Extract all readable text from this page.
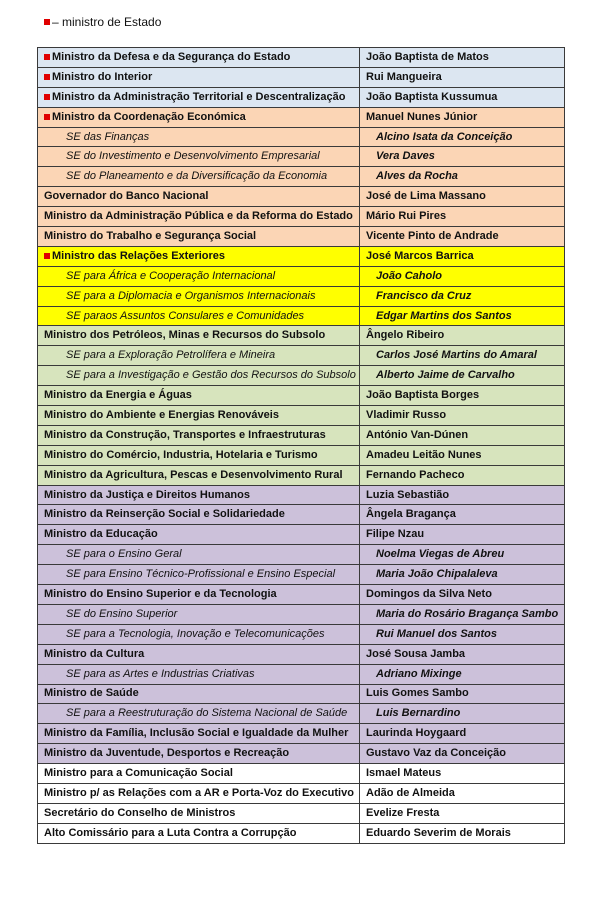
– ministro de Estado
Ministro da Defesa e da Segurança do Estado	João Baptista de Matos
Ministro do Interior	Rui Mangueira
Ministro da Administração Territorial e Descentralização	João Baptista Kussumua
Ministro da Coordenação Económica	Manuel Nunes Júnior
SE das Finanças	Alcino Isata da Conceição
SE do Investimento e Desenvolvimento Empresarial	Vera Daves
SE do Planeamento e da Diversificação da Economia	Alves da Rocha
Governador do Banco Nacional	José de Lima Massano
Ministro da Administração Pública e da Reforma do Estado	Mário Rui Pires
Ministro do Trabalho e Segurança Social	Vicente Pinto de Andrade
Ministro das Relações Exteriores	José Marcos Barrica
SE para África e Cooperação Internacional	João Caholo
SE para a Diplomacia e Organismos Internacionais	Francisco da Cruz
SE paraos Assuntos Consulares e Comunidades	Edgar Martins dos Santos
Ministro dos Petróleos, Minas e Recursos do Subsolo	Ângelo Ribeiro
SE para a Exploração Petrolífera e Mineira	Carlos José Martins do Amaral
SE para a Investigação e Gestão dos Recursos do Subsolo	Alberto Jaime de Carvalho
Ministro da Energia e Águas	João Baptista Borges
Ministro do Ambiente e Energias Renováveis	Vladimir Russo
Ministro da Construção, Transportes e Infraestruturas	António Van-Dúnen
Ministro do Comércio, Industria, Hotelaria e Turismo	Amadeu Leitão Nunes
Ministro da Agricultura, Pescas e Desenvolvimento Rural	Fernando Pacheco
Ministro da Justiça e Direitos Humanos	Luzia Sebastião
Ministro da Reinserção Social e Solidariedade	Ângela Bragança
Ministro da Educação	Filipe Nzau
SE para o Ensino Geral	Noelma Viegas de Abreu
SE para Ensino Técnico-Profissional e Ensino Especial	Maria João Chipalaleva
Ministro do Ensino Superior e da Tecnologia	Domingos da Silva Neto
SE do Ensino Superior	Maria do Rosário Bragança Sambo
SE para a Tecnologia, Inovação e Telecomunicações	Rui Manuel dos Santos
Ministro da Cultura	José Sousa Jamba
SE para as Artes e Industrias Criativas	Adriano Mixinge
Ministro de Saúde	Luis Gomes Sambo
SE para a Reestruturação do Sistema Nacional de Saúde	Luis Bernardino
Ministro da Família, Inclusão Social e Igualdade da Mulher	Laurinda Hoygaard
Ministro da Juventude, Desportos e Recreação	Gustavo Vaz da Conceição
Ministro para a Comunicação Social	Ismael Mateus
Ministro p/ as Relações com a AR e Porta-Voz do Executivo	Adão de Almeida
Secretário do Conselho de Ministros	Evelize Fresta
Alto Comissário para a Luta Contra a Corrupção	Eduardo Severim de Morais
